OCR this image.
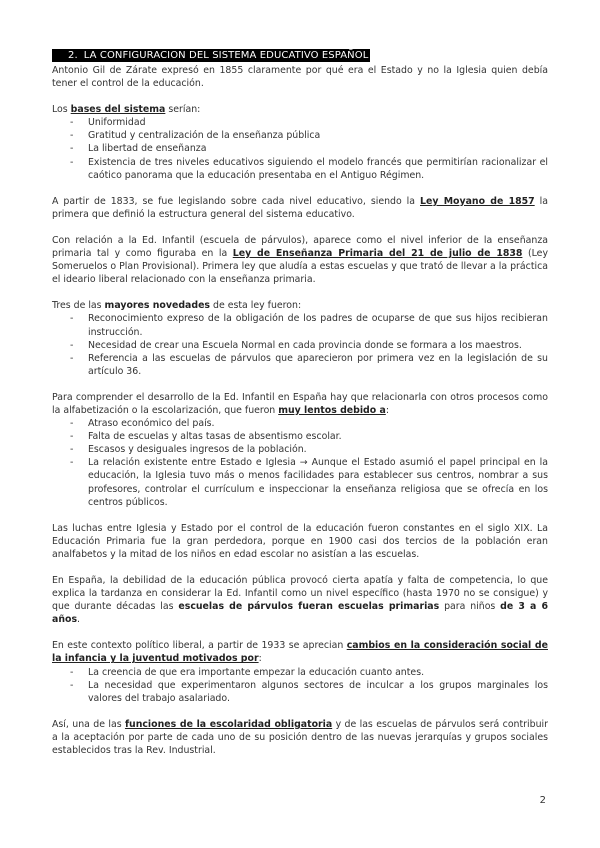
2. LA CONFIGURACION DEL SISTEMA EDUCATIVO ESPAÑOL

Antonio Gil de Zárate expresó en 1855 claramente por qué era el Estado y no la Iglesia quien debía tener el control de la educación.

Los bases del sistema serían:
- Uniformidad
- Gratitud y centralización de la enseñanza pública
- La libertad de enseñanza
- Existencia de tres niveles educativos siguiendo el modelo francés que permitirían racionalizar el caótico panorama que la educación presentaba en el Antiguo Régimen.

A partir de 1833, se fue legislando sobre cada nivel educativo, siendo la Ley Moyano de 1857 la primera que definió la estructura general del sistema educativo.

Con relación a la Ed. Infantil (escuela de párvulos), aparece como el nivel inferior de la enseñanza primaria tal y como figuraba en la Ley de Enseñanza Primaria del 21 de julio de 1838 (Ley Someruelos o Plan Provisional). Primera ley que aludía a estas escuelas y que trató de llevar a la práctica el ideario liberal relacionado con la enseñanza primaria.

Tres de las mayores novedades de esta ley fueron:
- Reconocimiento expreso de la obligación de los padres de ocuparse de que sus hijos recibieran instrucción.
- Necesidad de crear una Escuela Normal en cada provincia donde se formara a los maestros.
- Referencia a las escuelas de párvulos que aparecieron por primera vez en la legislación de su artículo 36.
Para comprender el desarrollo de la Ed. Infantil en España hay que relacionarla con otros procesos como la alfabetización o la escolarización, que fueron muy lentos debido a:
- Atraso económico del país.
- Falta de escuelas y altas tasas de absentismo escolar.
- Escasos y desiguales ingresos de la población.
- La relación existente entre Estado e Iglesia → Aunque el Estado asumió el papel principal en la educación, la Iglesia tuvo más o menos facilidades para establecer sus centros, nombrar a sus profesores, controlar el currículum e inspeccionar la enseñanza religiosa que se ofrecía en los centros públicos.

Las luchas entre Iglesia y Estado por el control de la educación fueron constantes en el siglo XIX. La Educación Primaria fue la gran perdedora, porque en 1900 casi dos tercios de la población eran analfabetos y la mitad de los niños en edad escolar no asistían a las escuelas.

En España, la debilidad de la educación pública provocó cierta apatía y falta de competencia, lo que explica la tardanza en considerar la Ed. Infantil como un nivel específico (hasta 1970 no se consigue) y que durante décadas las escuelas de párvulos fueran escuelas primarias para niños de 3 a 6 años.

En este contexto político liberal, a partir de 1933 se aprecian cambios en la consideración social de la infancia y la juventud motivados por:
- La creencia de que era importante empezar la educación cuanto antes.
- La necesidad que experimentaron algunos sectores de inculcar a los grupos marginales los valores del trabajo asalariado.

Así, una de las funciones de la escolaridad obligatoria y de las escuelas de párvulos será contribuir a la aceptación por parte de cada uno de su posición dentro de las nuevas jerarquías y grupos sociales establecidos tras la Rev. Industrial.

2
